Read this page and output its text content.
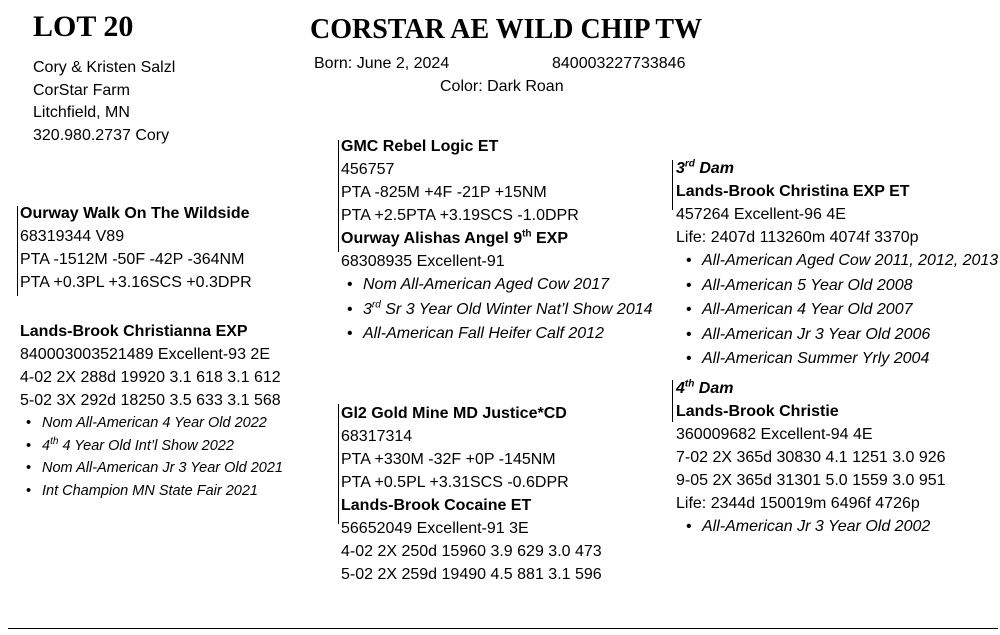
LOT 20	CORSTAR AE WILD CHIP TW
Born: June 2, 2024	840003227733846
Color: Dark Roan
Cory & Kristen Salzl
CorStar Farm
Litchfield, MN
320.980.2737 Cory
Ourway Walk On The Wildside
68319344 V89
PTA -1512M -50F -42P -364NM
PTA +0.3PL +3.16SCS +0.3DPR
Lands-Brook Christianna EXP
840003003521489 Excellent-93 2E
4-02 2X 288d 19920 3.1 618 3.1 612
5-02 3X 292d 18250 3.5 633 3.1 568
• Nom All-American 4 Year Old 2022
• 4th 4 Year Old Int’l Show 2022
• Nom All-American Jr 3 Year Old 2021
• Int Champion MN State Fair 2021
GMC Rebel Logic ET
456757
PTA -825M +4F -21P +15NM
PTA +2.5PTA +3.19SCS -1.0DPR
Ourway Alishas Angel 9th EXP
68308935 Excellent-91
• Nom All-American Aged Cow 2017
• 3rd Sr 3 Year Old Winter Nat’l Show 2014
• All-American Fall Heifer Calf 2012
Gl2 Gold Mine MD Justice*CD
68317314
PTA +330M -32F +0P -145NM
PTA +0.5PL +3.31SCS -0.6DPR
Lands-Brook Cocaine ET
56652049 Excellent-91 3E
4-02 2X 250d 15960 3.9 629 3.0 473
5-02 2X 259d 19490 4.5 881 3.1 596
3rd Dam
Lands-Brook Christina EXP ET
457264 Excellent-96 4E
Life: 2407d 113260m 4074f 3370p
• All-American Aged Cow 2011, 2012, 2013
• All-American 5 Year Old 2008
• All-American 4 Year Old 2007
• All-American Jr 3 Year Old 2006
• All-American Summer Yrly 2004
4th Dam
Lands-Brook Christie
360009682 Excellent-94 4E
7-02 2X 365d 30830 4.1 1251 3.0 926
9-05 2X 365d 31301 5.0 1559 3.0 951
Life: 2344d 150019m 6496f 4726p
• All-American Jr 3 Year Old 2002
